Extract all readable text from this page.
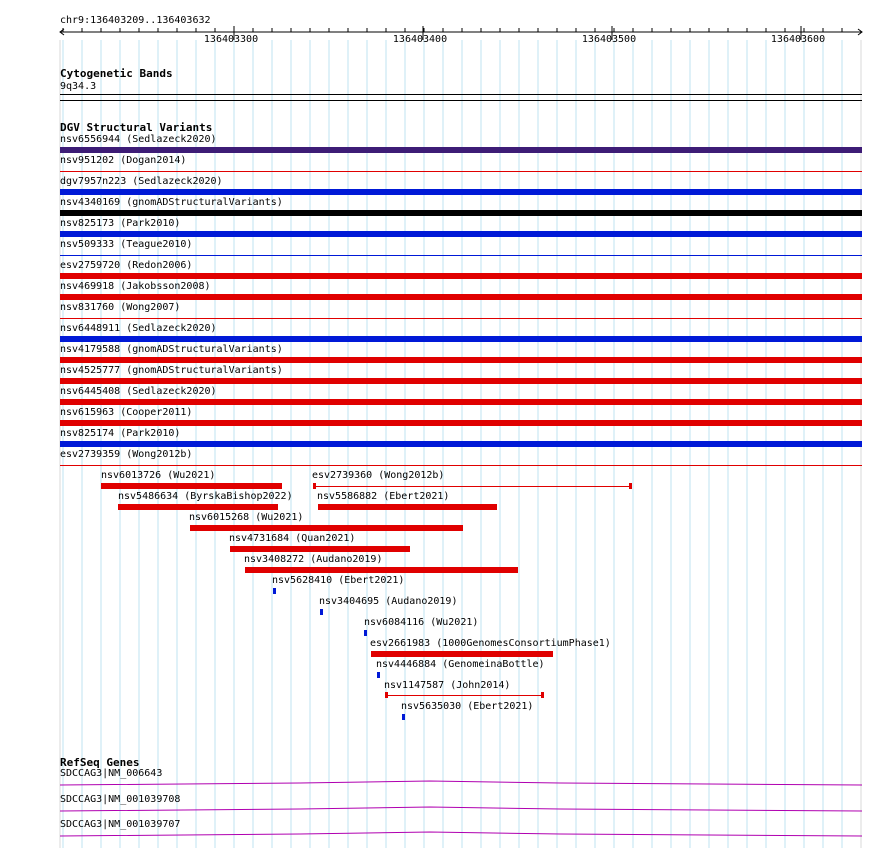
chr9:136403209..136403632
136403300	136403400	136403500	136403600
Cytogenetic Bands
9q34.3
DGV Structural Variants
nsv6556944 (Sedlazeck2020)
nsv951202 (Dogan2014)
dgv7957n223 (Sedlazeck2020)
nsv4340169 (gnomADStructuralVariants)
nsv825173 (Park2010)
nsv509333 (Teague2010)
esv2759720 (Redon2006)
nsv469918 (Jakobsson2008)
nsv831760 (Wong2007)
nsv6448911 (Sedlazeck2020)
nsv4179588 (gnomADStructuralVariants)
nsv4525777 (gnomADStructuralVariants)
nsv6445408 (Sedlazeck2020)
nsv615963 (Cooper2011)
nsv825174 (Park2010)
esv2739359 (Wong2012b)
nsv6013726 (Wu2021)	esv2739360 (Wong2012b)
nsv5486634 (ByrskaBishop2022) nsv5586882 (Ebert2021)
nsv6015268 (Wu2021)
nsv4731684 (Quan2021)
nsv3408272 (Audano2019)
nsv5628410 (Ebert2021)
nsv3404695 (Audano2019)
nsv6084116 (Wu2021)
esv2661983 (1000GenomesConsortiumPhase1)
nsv4446884 (GenomeinaBottle)
nsv1147587 (John2014)
nsv5635030 (Ebert2021)
RefSeq Genes
SDCCAG3|NM_006643
SDCCAG3|NM_001039708
SDCCAG3|NM_001039707
